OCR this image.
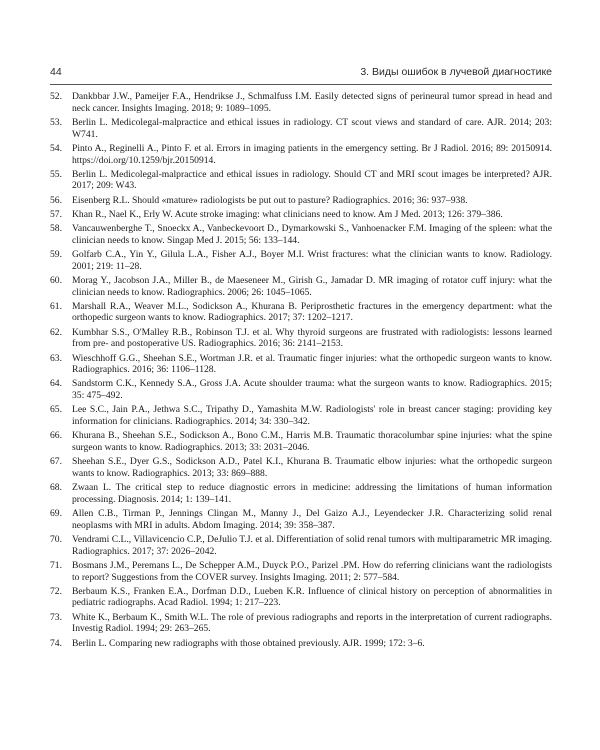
44	3. Виды ошибок в лучевой диагностике
52.	Dankbbar J.W., Pameijer F.A., Hendrikse J., Schmalfuss I.M. Easily detected signs of perineural tumor spread in head and neck cancer. Insights Imaging. 2018; 9: 1089–1095.
53.	Berlin L. Medicolegal-malpractice and ethical issues in radiology. CT scout views and standard of care. AJR. 2014; 203: W741.
54.	Pinto A., Reginelli A., Pinto F. et al. Errors in imaging patients in the emergency setting. Br J Radiol. 2016; 89: 20150914. https://doi.org/10.1259/bjr.20150914.
55.	Berlin L. Medicolegal-malpractice and ethical issues in radiology. Should CT and MRI scout images be interpreted? AJR. 2017; 209: W43.
56.	Eisenberg R.L. Should «mature» radiologists be put out to pasture? Radiographics. 2016; 36: 937–938.
57.	Khan R., Nael K., Erly W. Acute stroke imaging: what clinicians need to know. Am J Med. 2013; 126: 379–386.
58.	Vancauwenberghe T., Snoeckx A., Vanbeckevoort D., Dymarkowski S., Vanhoenacker F.M. Imaging of the spleen: what the clinician needs to know. Singap Med J. 2015; 56: 133–144.
59.	Golfarb C.A., Yin Y., Gilula L.A., Fisher A.J., Boyer M.I. Wrist fractures: what the clinician wants to know. Radiology. 2001; 219: 11–28.
60.	Morag Y., Jacobson J.A., Miller B., de Maeseneer M., Girish G., Jamadar D. MR imaging of rotator cuff injury: what the clinician needs to know. Radiographics. 2006; 26: 1045–1065.
61.	Marshall R.A., Weaver M.L., Sodickson A., Khurana B. Periprosthetic fractures in the emergency department: what the orthopedic surgeon wants to know. Radiographics. 2017; 37: 1202–1217.
62.	Kumbhar S.S., O'Malley R.B., Robinson T.J. et al. Why thyroid surgeons are frustrated with radiologists: lessons learned from pre- and postoperative US. Radiographics. 2016; 36: 2141–2153.
63.	Wieschhoff G.G., Sheehan S.E., Wortman J.R. et al. Traumatic finger injuries: what the orthopedic surgeon wants to know. Radiographics. 2016; 36: 1106–1128.
64.	Sandstorm C.K., Kennedy S.A., Gross J.A. Acute shoulder trauma: what the surgeon wants to know. Radiographics. 2015; 35: 475–492.
65.	Lee S.C., Jain P.A., Jethwa S.C., Tripathy D., Yamashita M.W. Radiologists' role in breast cancer staging: providing key information for clinicians. Radiographics. 2014; 34: 330–342.
66.	Khurana B., Sheehan S.E., Sodickson A., Bono C.M., Harris M.B. Traumatic thoracolumbar spine injuries: what the spine surgeon wants to know. Radiographics. 2013; 33: 2031–2046.
67.	Sheehan S.E., Dyer G.S., Sodickson A.D., Patel K.I., Khurana B. Traumatic elbow injuries: what the orthopedic surgeon wants to know. Radiographics. 2013; 33: 869–888.
68.	Zwaan L. The critical step to reduce diagnostic errors in medicine: addressing the limitations of human information processing. Diagnosis. 2014; 1: 139–141.
69.	Allen C.B., Tirman P., Jennings Clingan M., Manny J., Del Gaizo A.J., Leyendecker J.R. Characterizing solid renal neoplasms with MRI in adults. Abdom Imaging. 2014; 39: 358–387.
70.	Vendrami C.L., Villavicencio C.P., DeJulio T.J. et al. Differentiation of solid renal tumors with multiparametric MR imaging. Radiographics. 2017; 37: 2026–2042.
71.	Bosmans J.M., Peremans L., De Schepper A.M., Duyck P.O., Parizel .PM. How do referring clinicians want the radiologists to report? Suggestions from the COVER survey. Insights Imaging. 2011; 2: 577–584.
72.	Berbaum K.S., Franken E.A., Dorfman D.D., Lueben K.R. Influence of clinical history on perception of abnormalities in pediatric radiographs. Acad Radiol. 1994; 1: 217–223.
73.	White K., Berbaum K., Smith W.L. The role of previous radiographs and reports in the interpretation of current radiographs. Investig Radiol. 1994; 29: 263–265.
74.	Berlin L. Comparing new radiographs with those obtained previously. AJR. 1999; 172: 3–6.
